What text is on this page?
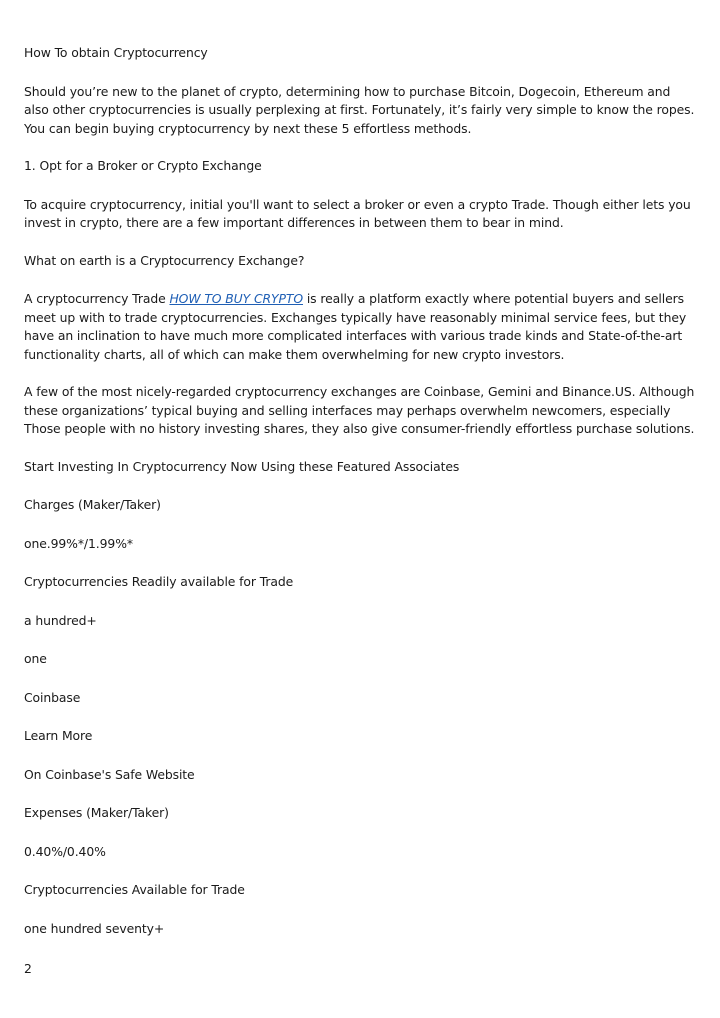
How To obtain Cryptocurrency

Should you’re new to the planet of crypto, determining how to purchase Bitcoin, Dogecoin, Ethereum and also other cryptocurrencies is usually perplexing at first. Fortunately, it’s fairly very simple to know the ropes. You can begin buying cryptocurrency by next these 5 effortless methods.

1. Opt for a Broker or Crypto Exchange

To acquire cryptocurrency, initial you'll want to select a broker or even a crypto Trade. Though either lets you invest in crypto, there are a few important differences in between them to bear in mind.

What on earth is a Cryptocurrency Exchange?

A cryptocurrency Trade HOW TO BUY CRYPTO is really a platform exactly where potential buyers and sellers meet up with to trade cryptocurrencies. Exchanges typically have reasonably minimal service fees, but they have an inclination to have much more complicated interfaces with various trade kinds and State-of-the-art functionality charts, all of which can make them overwhelming for new crypto investors.

A few of the most nicely-regarded cryptocurrency exchanges are Coinbase, Gemini and Binance.US. Although these organizations’ typical buying and selling interfaces may perhaps overwhelm newcomers, especially Those people with no history investing shares, they also give consumer-friendly effortless purchase solutions.

Start Investing In Cryptocurrency Now Using these Featured Associates

Charges (Maker/Taker)

one.99%*/1.99%*

Cryptocurrencies Readily available for Trade

a hundred+

one

Coinbase

Learn More

On Coinbase's Safe Website

Expenses (Maker/Taker)

0.40%/0.40%

Cryptocurrencies Available for Trade

one hundred seventy+

2
